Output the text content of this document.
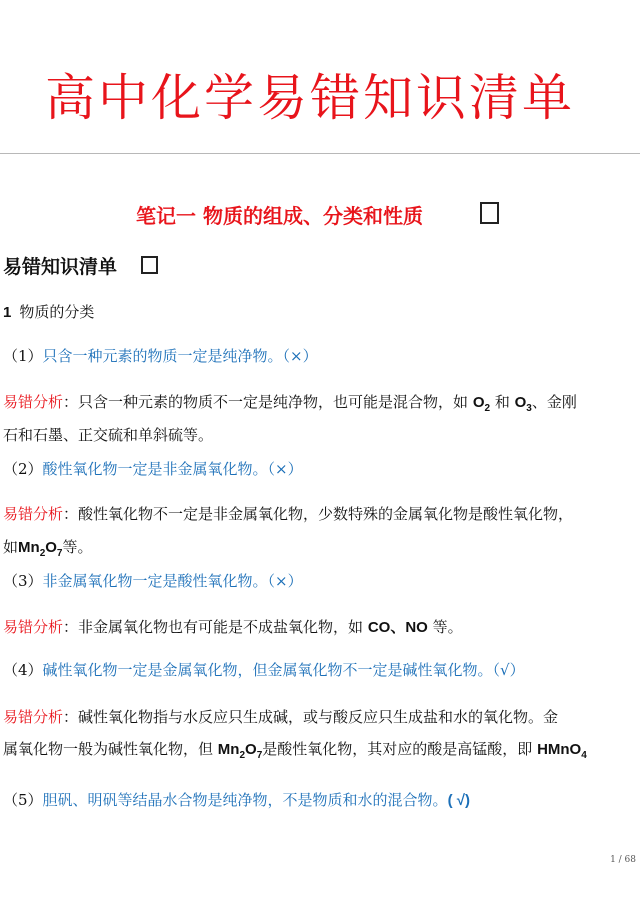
高中化学易错知识清单
笔记一 物质的组成、分类和性质
易错知识清单
1 物质的分类
（1）只含一种元素的物质一定是纯净物。（×）
易错分析：只含一种元素的物质不一定是纯净物，也可能是混合物，如 $O_2$ 和 $O_3$、金刚
石和石墨、正交硫和单斜硫等。
（2）酸性氧化物一定是非金属氧化物。（×）
易错分析：酸性氧化物不一定是非金属氧化物，少数特殊的金属氧化物是酸性氧化物，
如$Mn_2O_7$等。
（3）非金属氧化物一定是酸性氧化物。（×）
易错分析：非金属氧化物也有可能是不成盐氧化物，如 CO、NO 等。
（4）碱性氧化物一定是金属氧化物，但金属氧化物不一定是碱性氧化物。（√）
易错分析：碱性氧化物指与水反应只生成碱，或与酸反应只生成盐和水的氧化物。金
属氧化物一般为碱性氧化物，但 $Mn_2O_7$是酸性氧化物，其对应的酸是高锰酸，即 HMnO$_4$
（5）胆矾、明矾等结晶水合物是纯净物，不是物质和水的混合物。( √)
1 / 68
